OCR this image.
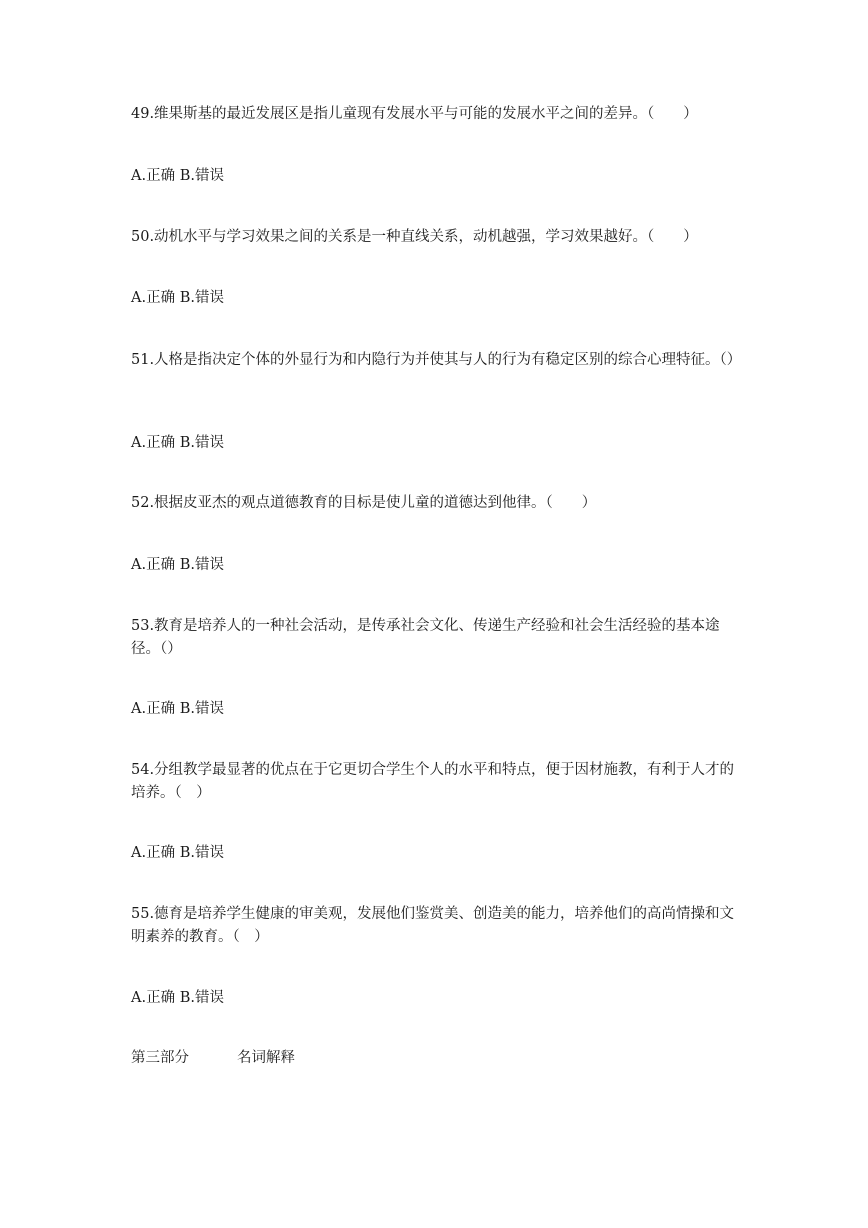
49.维果斯基的最近发展区是指儿童现有发展水平与可能的发展水平之间的差异。（　　）
A.正确 B.错误
50.动机水平与学习效果之间的关系是一种直线关系，动机越强，学习效果越好。（　　）
A.正确 B.错误
51.人格是指决定个体的外显行为和内隐行为并使其与人的行为有稳定区别的综合心理特征。（）
A.正确 B.错误
52.根据皮亚杰的观点道德教育的目标是使儿童的道德达到他律。（　　）
A.正确 B.错误
53.教育是培养人的一种社会活动，是传承社会文化、传递生产经验和社会生活经验的基本途径。（）
A.正确 B.错误
54.分组教学最显著的优点在于它更切合学生个人的水平和特点，便于因材施教，有利于人才的培养。（　）
A.正确 B.错误
55.德育是培养学生健康的审美观，发展他们鉴赏美、创造美的能力，培养他们的高尚情操和文明素养的教育。（　）
A.正确 B.错误
第三部分	名词解释
